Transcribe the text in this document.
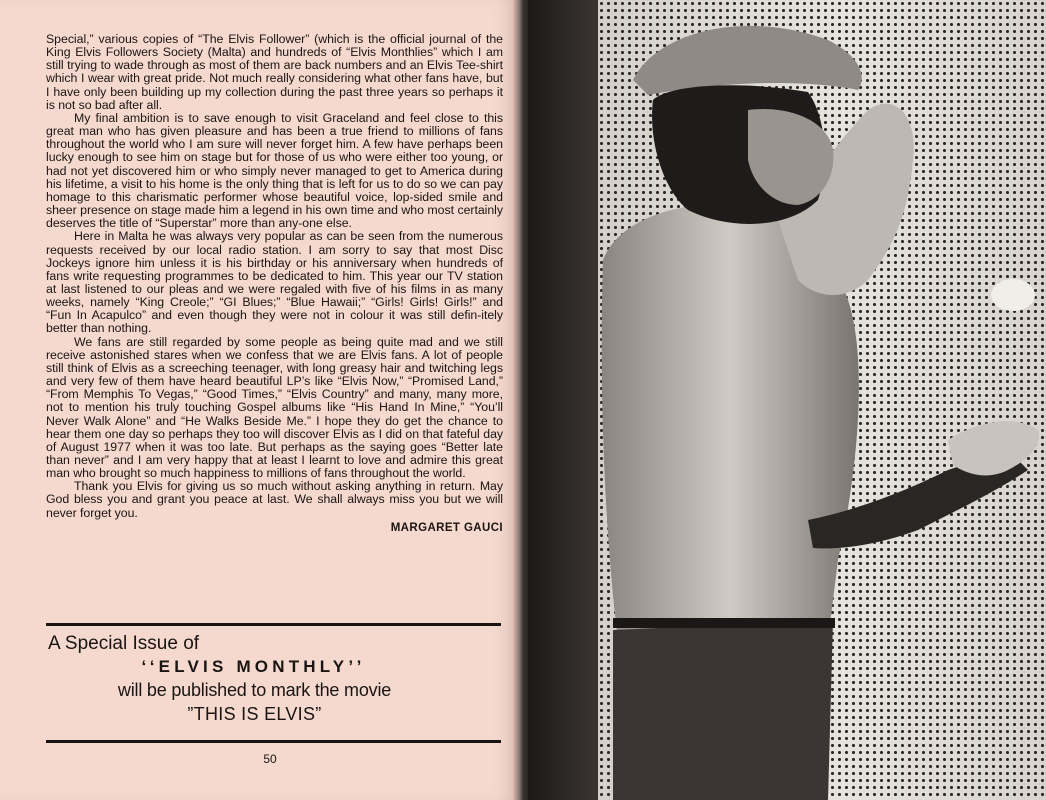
Special,” various copies of “The Elvis Follower” (which is the official journal of the King Elvis Followers Society (Malta) and hundreds of “Elvis Monthlies” which I am still trying to wade through as most of them are back numbers and an Elvis Tee-shirt which I wear with great pride. Not much really considering what other fans have, but I have only been building up my collection during the past three years so perhaps it is not so bad after all.

My final ambition is to save enough to visit Graceland and feel close to this great man who has given pleasure and has been a true friend to millions of fans throughout the world who I am sure will never forget him. A few have perhaps been lucky enough to see him on stage but for those of us who were either too young, or had not yet discovered him or who simply never managed to get to America during his lifetime, a visit to his home is the only thing that is left for us to do so we can pay homage to this charismatic performer whose beautiful voice, lop-sided smile and sheer presence on stage made him a legend in his own time and who most certainly deserves the title of “Superstar” more than any-one else.

Here in Malta he was always very popular as can be seen from the numerous requests received by our local radio station. I am sorry to say that most Disc Jockeys ignore him unless it is his birthday or his anniversary when hundreds of fans write requesting programmes to be dedicated to him. This year our TV station at last listened to our pleas and we were regaled with five of his films in as many weeks, namely “King Creole;” “GI Blues;” “Blue Hawaii;” “Girls! Girls! Girls!” and “Fun In Acapulco” and even though they were not in colour it was still defin-itely better than nothing.

We fans are still regarded by some people as being quite mad and we still receive astonished stares when we confess that we are Elvis fans. A lot of people still think of Elvis as a screeching teenager, with long greasy hair and twitching legs and very few of them have heard beautiful LP’s like “Elvis Now,” “Promised Land,” “From Memphis To Vegas,” “Good Times,” “Elvis Country” and many, many more, not to mention his truly touching Gospel albums like “His Hand In Mine,” “You’ll Never Walk Alone” and “He Walks Beside Me.” I hope they do get the chance to hear them one day so perhaps they too will discover Elvis as I did on that fateful day of August 1977 when it was too late. But perhaps as the saying goes “Better late than never” and I am very happy that at least I learnt to love and admire this great man who brought so much happiness to millions of fans throughout the world.

Thank you Elvis for giving us so much without asking anything in return. May God bless you and grant you peace at last. We shall always miss you but we will never forget you.

MARGARET GAUCI
A Special Issue of
‘‘ELVIS MONTHLY’’
will be published to mark the movie
”THIS IS ELVIS”
50
